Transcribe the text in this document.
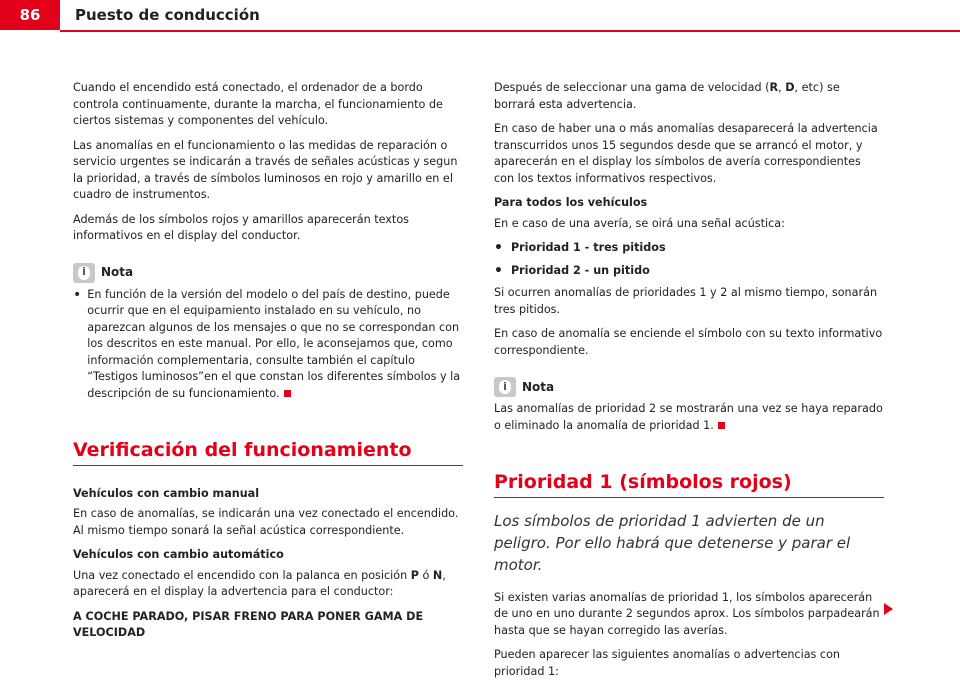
86	Puesto de conducción

Cuando el encendido está conectado, el ordenador de a bordo controla continuamente, durante la marcha, el funcionamiento de ciertos sistemas y componentes del vehículo.

Las anomalías en el funcionamiento o las medidas de reparación o servicio urgentes se indicarán a través de señales acústicas y segun la prioridad, a través de símbolos luminosos en rojo y amarillo en el cuadro de instrumentos.

Además de los símbolos rojos y amarillos aparecerán textos informativos en el display del conductor.

i	Nota
• En función de la versión del modelo o del país de destino, puede ocurrir que en el equipamiento instalado en su vehículo, no aparezcan algunos de los mensajes o que no se correspondan con los descritos en este manual. Por ello, le aconsejamos que, como información complementaria, consulte también el capítulo “Testigos luminosos”en el que constan los diferentes símbolos y la descripción de su funcionamiento.
Verificación del funcionamiento

Vehículos con cambio manual

En caso de anomalías, se indicarán una vez conectado el encendido. Al mismo tiempo sonará la señal acústica correspondiente.

Vehículos con cambio automático

Una vez conectado el encendido con la palanca en posición P ó N, aparecerá en el display la advertencia para el conductor:

A COCHE PARADO, PISAR FRENO PARA PONER GAMA DE VELOCIDAD

Después de seleccionar una gama de velocidad (R, D, etc) se borrará esta advertencia.

En caso de haber una o más anomalías desaparecerá la advertencia transcurridos unos 15 segundos desde que se arrancó el motor, y aparecerán en el display los símbolos de avería correspondientes con los textos informativos respectivos.

Para todos los vehículos

En e caso de una avería, se oirá una señal acústica:

• Prioridad 1 - tres pitidos
• Prioridad 2 - un pitido

Si ocurren anomalías de prioridades 1 y 2 al mismo tiempo, sonarán tres pitidos.

En caso de anomalía se enciende el símbolo con su texto informativo correspondiente.

i	Nota

Las anomalías de prioridad 2 se mostrarán una vez se haya reparado o eliminado la anomalía de prioridad 1.

Prioridad 1 (símbolos rojos)

Los símbolos de prioridad 1 advierten de un peligro. Por ello habrá que detenerse y parar el motor.

Si existen varias anomalías de prioridad 1, los símbolos aparecerán de uno en uno durante 2 segundos aprox. Los símbolos parpadearán hasta que se hayan corregido las averías.

Pueden aparecer las siguientes anomalías o advertencias con prioridad 1:
